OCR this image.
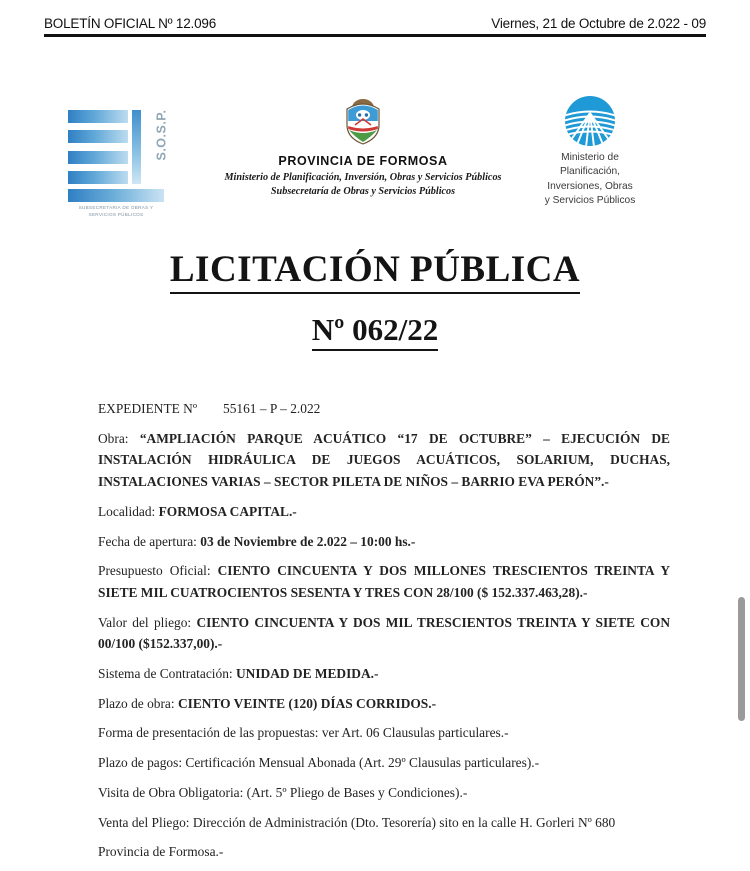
BOLETÍN OFICIAL Nº 12.096	Viernes, 21 de Octubre de 2.022 - 09
S.O.S.P.
SUBSECRETARIA DE OBRAS Y
SERVICIOS PÚBLICOS
PROVINCIA DE FORMOSA
Ministerio de Planificación, Inversión, Obras y Servicios Públicos
Subsecretaría de Obras y Servicios Públicos
Ministerio de
Planificación,
Inversiones, Obras
y Servicios Públicos
LICITACIÓN PÚBLICA
Nº 062/22

EXPEDIENTE Nº 55161 – P – 2.022

Obra: “AMPLIACIÓN PARQUE ACUÁTICO “17 DE OCTUBRE” – EJECUCIÓN DE INSTALACIÓN HIDRÁULICA DE JUEGOS ACUÁTICOS, SOLARIUM, DUCHAS, INSTALACIONES VARIAS – SECTOR PILETA DE NIÑOS – BARRIO EVA PERÓN”.-

Localidad: FORMOSA CAPITAL.-

Fecha de apertura: 03 de Noviembre de 2.022 – 10:00 hs.-

Presupuesto Oficial: CIENTO CINCUENTA Y DOS MILLONES TRESCIENTOS TREINTA Y SIETE MIL CUATROCIENTOS SESENTA Y TRES CON 28/100 ($ 152.337.463,28).-

Valor del pliego: CIENTO CINCUENTA Y DOS MIL TRESCIENTOS TREINTA Y SIETE CON 00/100 ($152.337,00).-

Sistema de Contratación: UNIDAD DE MEDIDA.-

Plazo de obra: CIENTO VEINTE (120) DÍAS CORRIDOS.-

Forma de presentación de las propuestas: ver Art. 06 Clausulas particulares.-

Plazo de pagos: Certificación Mensual Abonada (Art. 29º Clausulas particulares).-

Visita de Obra Obligatoria: (Art. 5º Pliego de Bases y Condiciones).-

Venta del Pliego: Dirección de Administración (Dto. Tesorería) sito en la calle H. Gorleri Nº 680

Provincia de Formosa.-
